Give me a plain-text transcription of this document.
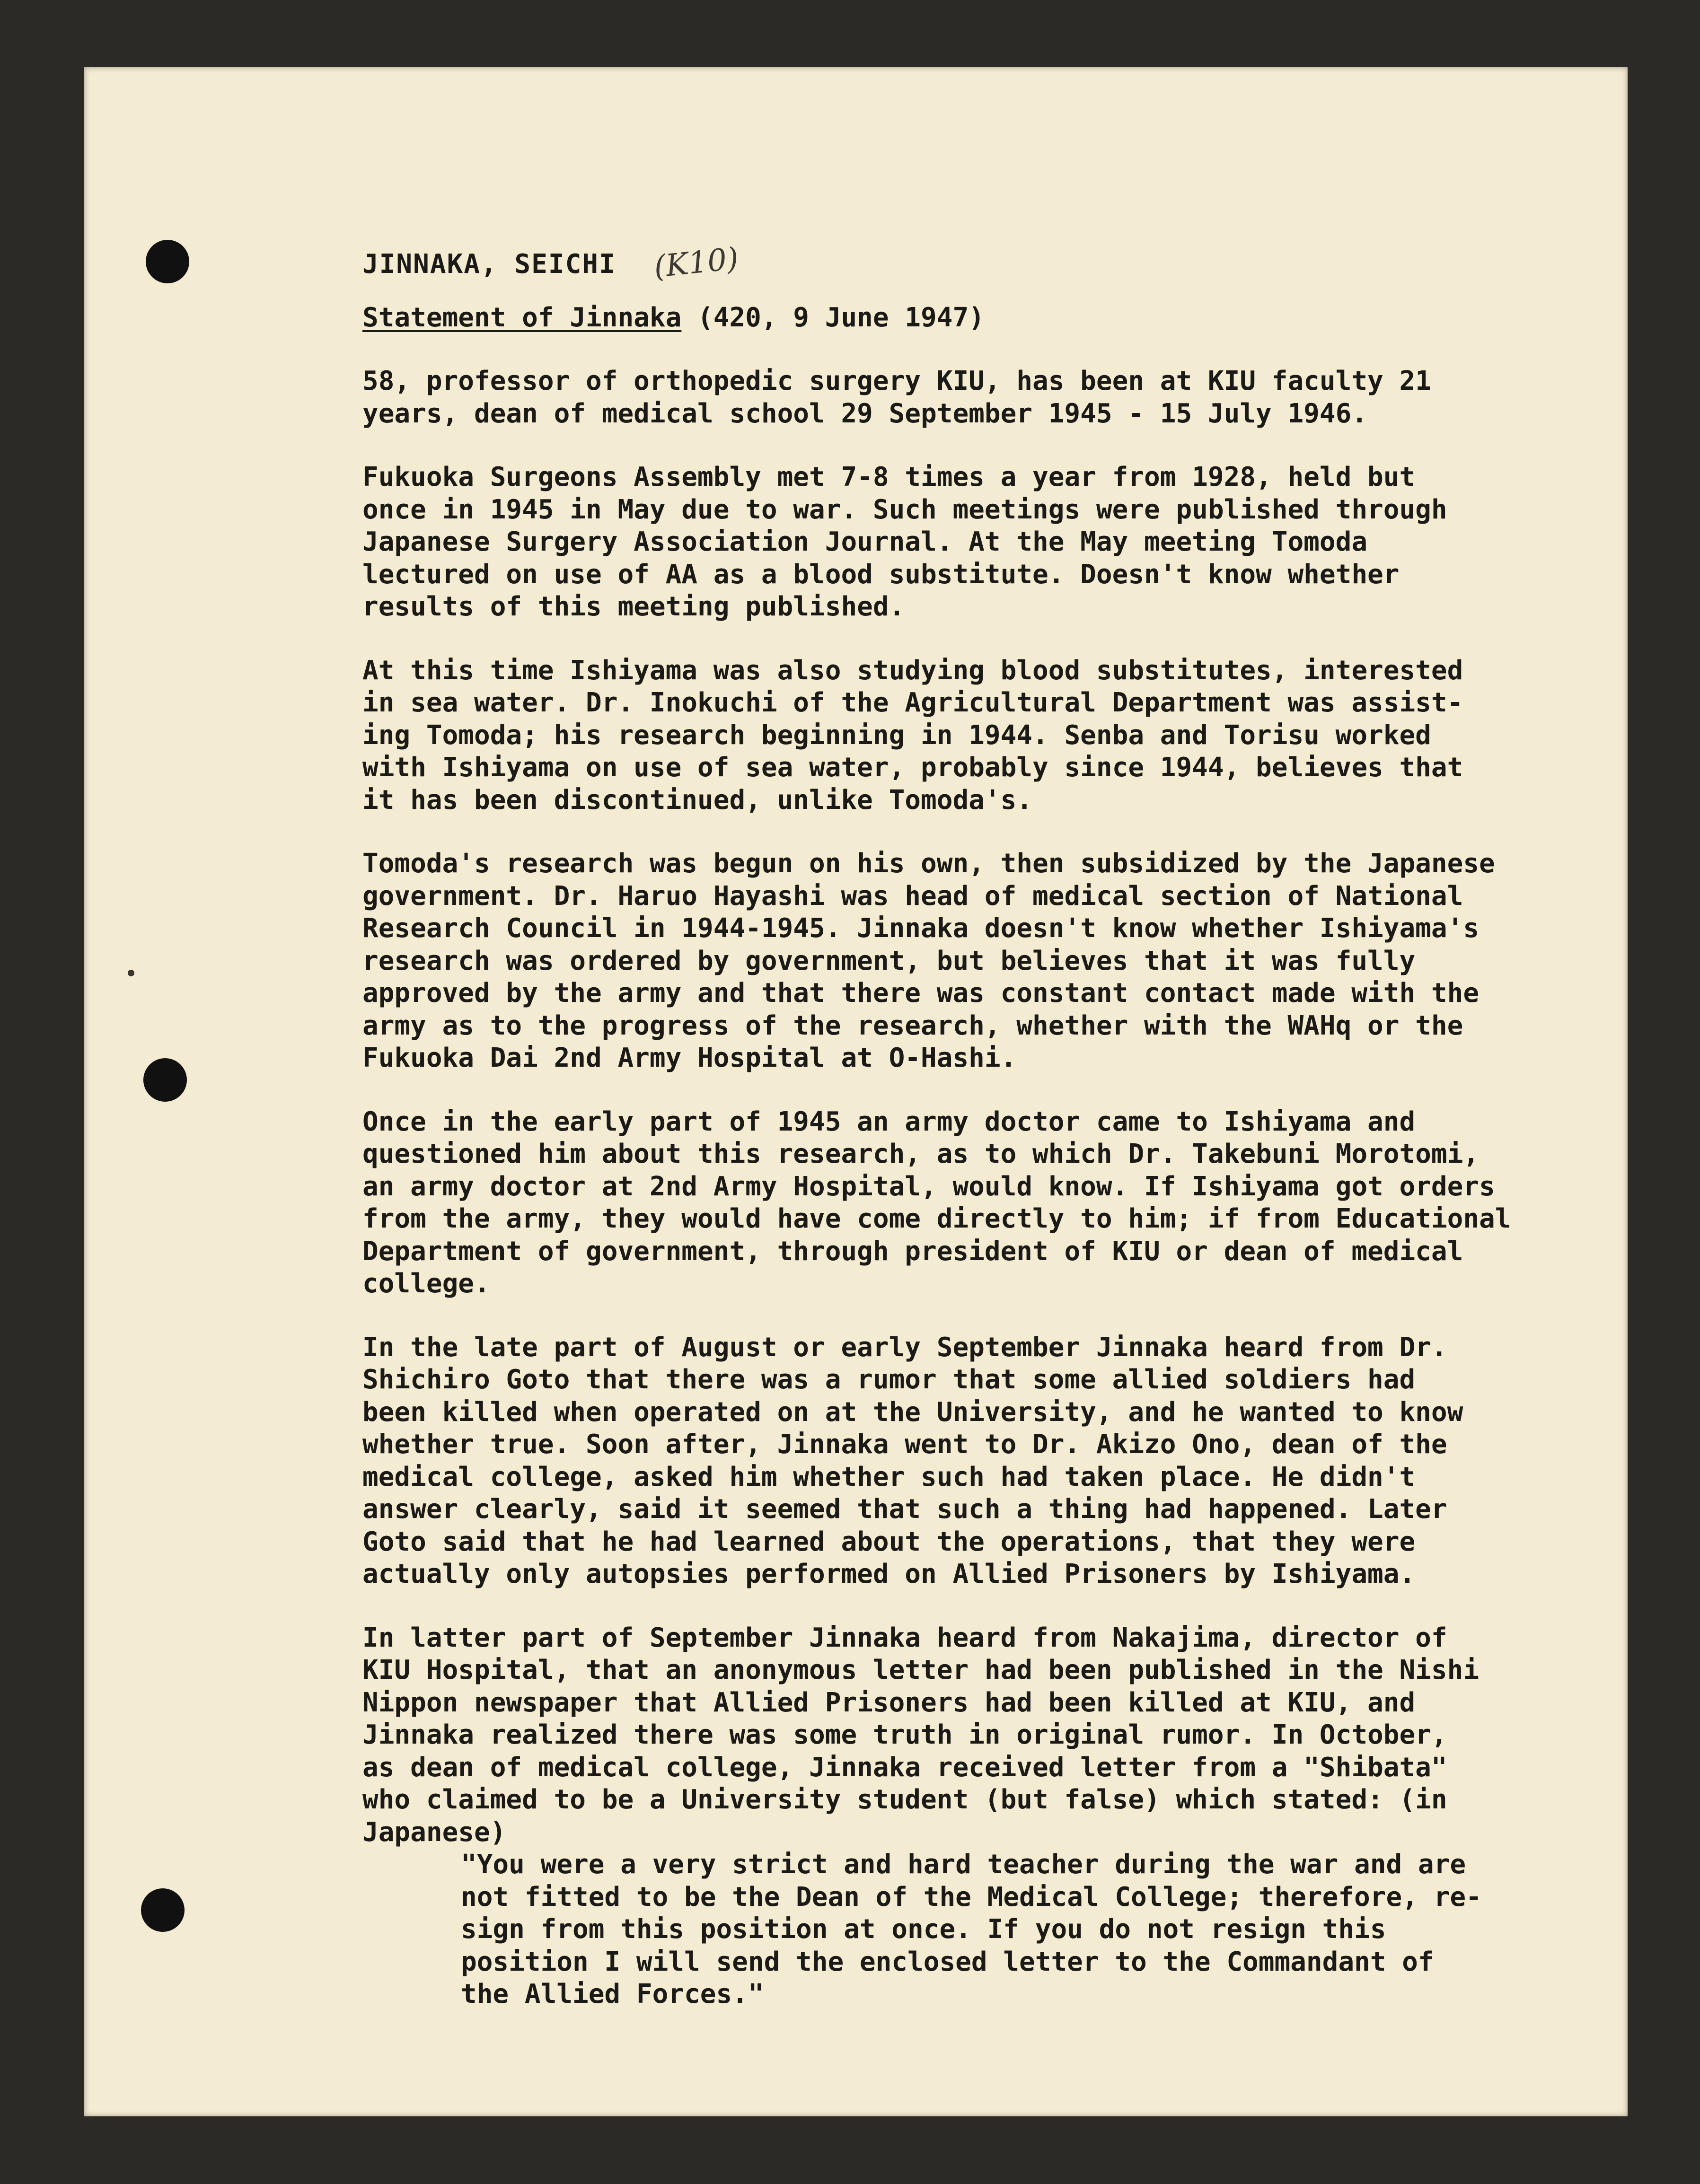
JINNAKA, SEICHI (K10)
Statement of Jinnaka (420, 9 June 1947)

58, professor of orthopedic surgery KIU, has been at KIU faculty 21
years, dean of medical school 29 September 1945 - 15 July 1946.

Fukuoka Surgeons Assembly met 7-8 times a year from 1928, held but
once in 1945 in May due to war. Such meetings were published through
Japanese Surgery Association Journal. At the May meeting Tomoda
lectured on use of AA as a blood substitute. Doesn't know whether
results of this meeting published.

At this time Ishiyama was also studying blood substitutes, interested
in sea water. Dr. Inokuchi of the Agricultural Department was assist-
ing Tomoda; his research beginning in 1944. Senba and Torisu worked
with Ishiyama on use of sea water, probably since 1944, believes that
it has been discontinued, unlike Tomoda's.

Tomoda's research was begun on his own, then subsidized by the Japanese
government. Dr. Haruo Hayashi was head of medical section of National
Research Council in 1944-1945. Jinnaka doesn't know whether Ishiyama's
research was ordered by government, but believes that it was fully
approved by the army and that there was constant contact made with the
army as to the progress of the research, whether with the WAHq or the
Fukuoka Dai 2nd Army Hospital at O-Hashi.

Once in the early part of 1945 an army doctor came to Ishiyama and
questioned him about this research, as to which Dr. Takebuni Morotomi,
an army doctor at 2nd Army Hospital, would know. If Ishiyama got orders
from the army, they would have come directly to him; if from Educational
Department of government, through president of KIU or dean of medical
college.

In the late part of August or early September Jinnaka heard from Dr.
Shichiro Goto that there was a rumor that some allied soldiers had
been killed when operated on at the University, and he wanted to know
whether true. Soon after, Jinnaka went to Dr. Akizo Ono, dean of the
medical college, asked him whether such had taken place. He didn't
answer clearly, said it seemed that such a thing had happened. Later
Goto said that he had learned about the operations, that they were
actually only autopsies performed on Allied Prisoners by Ishiyama.

In latter part of September Jinnaka heard from Nakajima, director of
KIU Hospital, that an anonymous letter had been published in the Nishi
Nippon newspaper that Allied Prisoners had been killed at KIU, and
Jinnaka realized there was some truth in original rumor. In October,
as dean of medical college, Jinnaka received letter from a "Shibata"
who claimed to be a University student (but false) which stated: (in
Japanese)

"You were a very strict and hard teacher during the war and are
not fitted to be the Dean of the Medical College; therefore, re-
sign from this position at once. If you do not resign this
position I will send the enclosed letter to the Commandant of
the Allied Forces."
